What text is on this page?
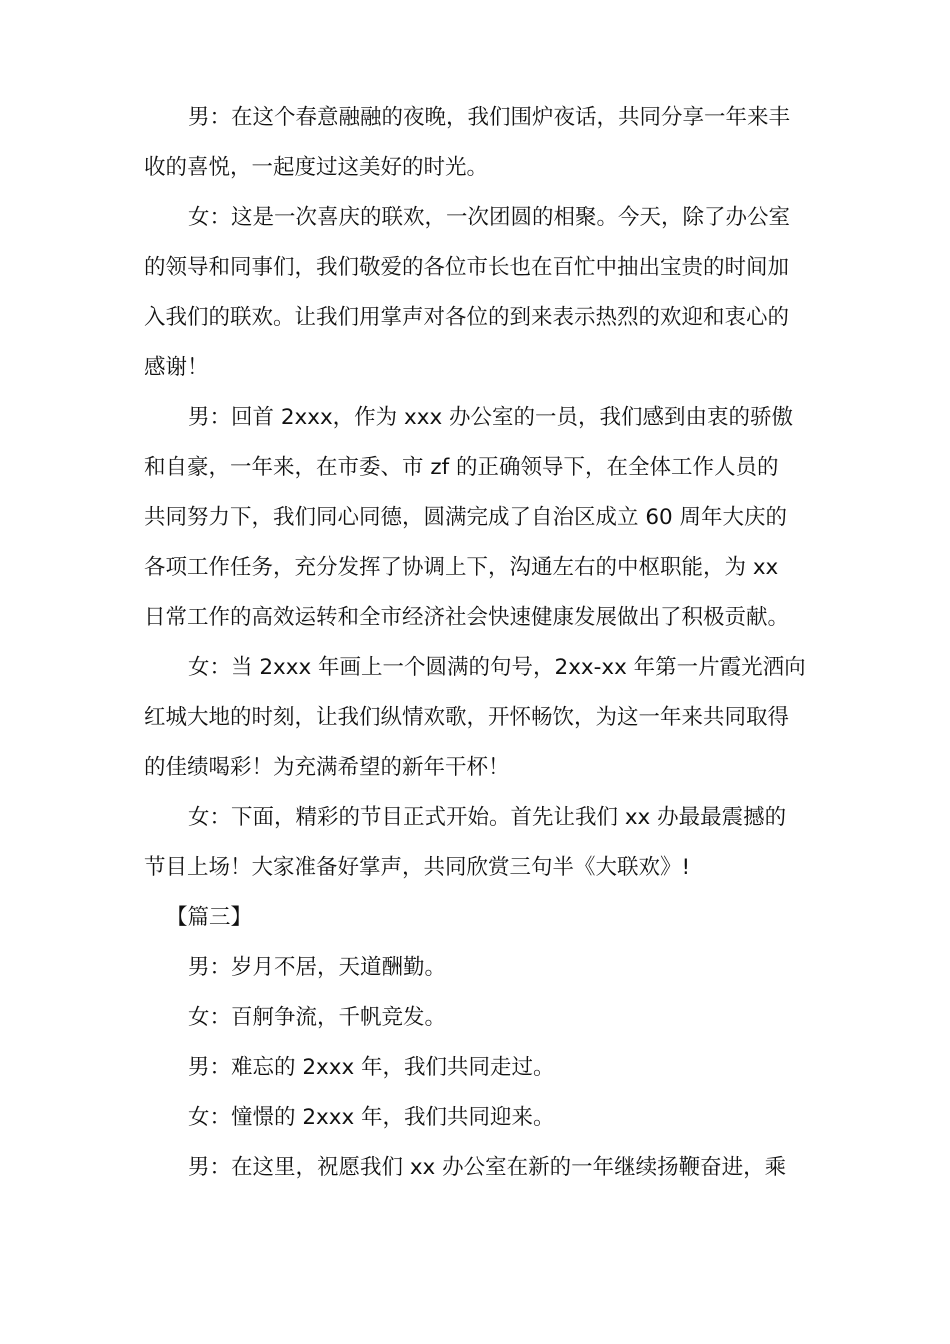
男：在这个春意融融的夜晚，我们围炉夜话，共同分享一年来丰
收的喜悦，一起度过这美好的时光。
女：这是一次喜庆的联欢，一次团圆的相聚。今天，除了办公室
的领导和同事们，我们敬爱的各位市长也在百忙中抽出宝贵的时间加
入我们的联欢。让我们用掌声对各位的到来表示热烈的欢迎和衷心的
感谢！
男：回首 2xxx，作为 xxx 办公室的一员，我们感到由衷的骄傲
和自豪，一年来，在市委、市 zf 的正确领导下，在全体工作人员的
共同努力下，我们同心同德，圆满完成了自治区成立 60 周年大庆的
各项工作任务，充分发挥了协调上下，沟通左右的中枢职能，为 xx
日常工作的高效运转和全市经济社会快速健康发展做出了积极贡献。
女：当 2xxx 年画上一个圆满的句号，2xx-xx 年第一片霞光洒向
红城大地的时刻，让我们纵情欢歌，开怀畅饮，为这一年来共同取得
的佳绩喝彩！为充满希望的新年干杯！
女：下面，精彩的节目正式开始。首先让我们 xx 办最最震撼的
节目上场！大家准备好掌声，共同欣赏三句半《大联欢》!
【篇三】
男：岁月不居，天道酬勤。
女：百舸争流，千帆竞发。
男：难忘的 2xxx 年，我们共同走过。
女：憧憬的 2xxx 年，我们共同迎来。
男：在这里，祝愿我们 xx 办公室在新的一年继续扬鞭奋进，乘
